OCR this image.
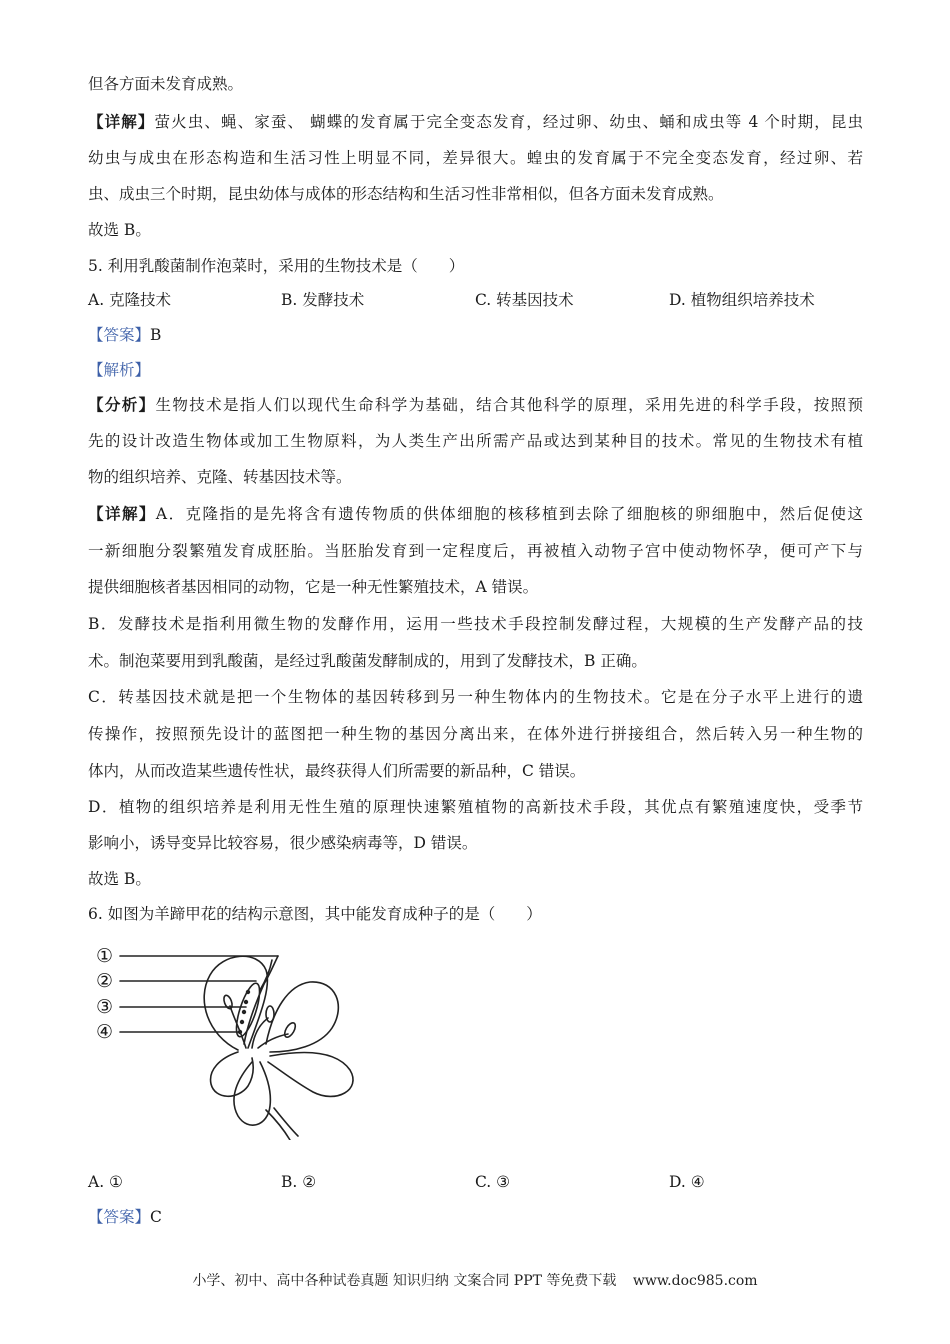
但各方面未发育成熟。
【详解】萤火虫、蝇、家蚕、 蝴蝶的发育属于完全变态发育，经过卵、幼虫、蛹和成虫等 4 个时期，昆虫
幼虫与成虫在形态构造和生活习性上明显不同，差异很大。蝗虫的发育属于不完全变态发育，经过卵、若
虫、成虫三个时期，昆虫幼体与成体的形态结构和生活习性非常相似，但各方面未发育成熟。
故选 B。
5. 利用乳酸菌制作泡菜时，采用的生物技术是（　　）
A. 克隆技术	B. 发酵技术	C. 转基因技术	D. 植物组织培养技术
【答案】B
【解析】
【分析】生物技术是指人们以现代生命科学为基础，结合其他科学的原理，采用先进的科学手段，按照预
先的设计改造生物体或加工生物原料，为人类生产出所需产品或达到某种目的技术。常见的生物技术有植
物的组织培养、克隆、转基因技术等。
【详解】A．克隆指的是先将含有遗传物质的供体细胞的核移植到去除了细胞核的卵细胞中，然后促使这
一新细胞分裂繁殖发育成胚胎。当胚胎发育到一定程度后，再被植入动物子宫中使动物怀孕，便可产下与
提供细胞核者基因相同的动物，它是一种无性繁殖技术，A 错误。
B．发酵技术是指利用微生物的发酵作用，运用一些技术手段控制发酵过程，大规模的生产发酵产品的技
术。制泡菜要用到乳酸菌，是经过乳酸菌发酵制成的，用到了发酵技术，B 正确。
C．转基因技术就是把一个生物体的基因转移到另一种生物体内的生物技术。它是在分子水平上进行的遗
传操作，按照预先设计的蓝图把一种生物的基因分离出来，在体外进行拼接组合，然后转入另一种生物的
体内，从而改造某些遗传性状，最终获得人们所需要的新品种，C 错误。
D．植物的组织培养是利用无性生殖的原理快速繁殖植物的高新技术手段，其优点有繁殖速度快，受季节
影响小，诱导变异比较容易，很少感染病毒等，D 错误。
故选 B。
6. 如图为羊蹄甲花的结构示意图，其中能发育成种子的是（　　）
①
②
③
④
A. ①	B. ②	C. ③	D. ④
【答案】C
小学、初中、高中各种试卷真题 知识归纳 文案合同 PPT 等免费下载 www.doc985.com
